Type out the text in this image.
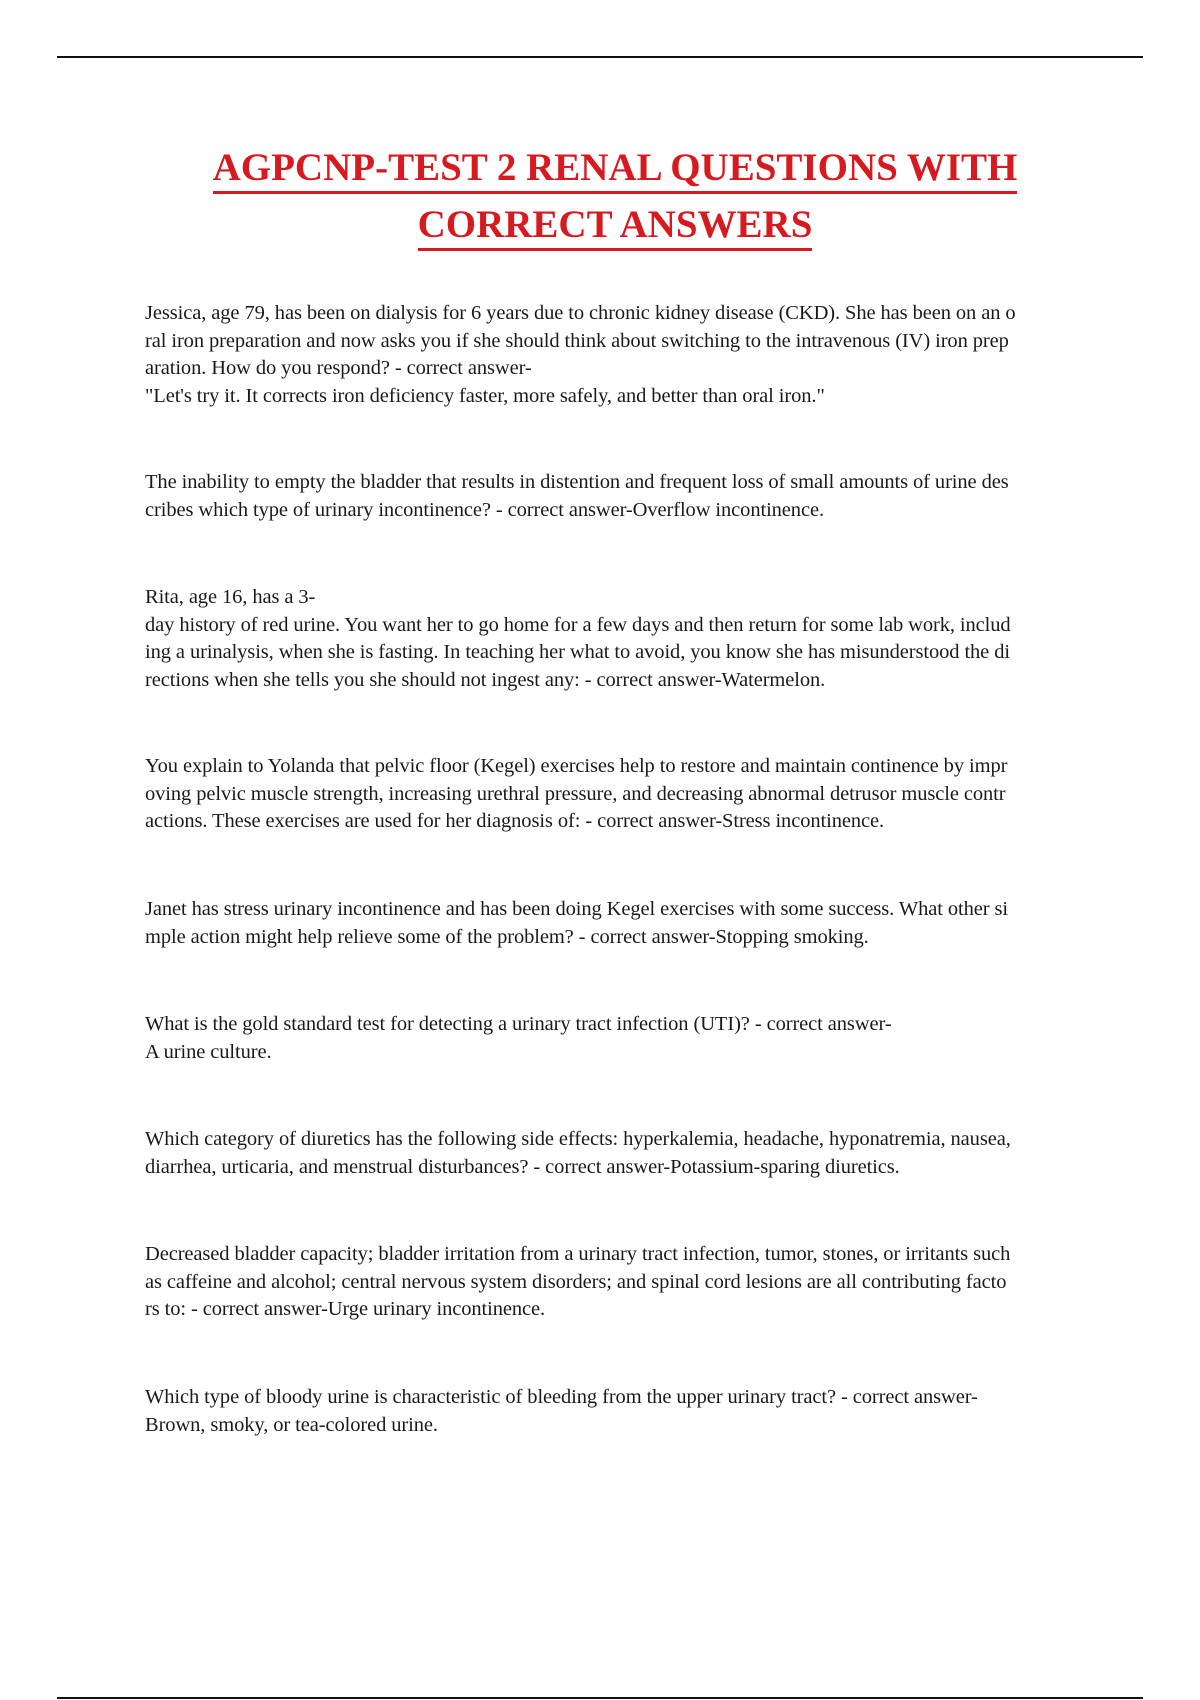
AGPCNP-TEST 2 RENAL QUESTIONS WITH
CORRECT ANSWERS
Jessica, age 79, has been on dialysis for 6 years due to chronic kidney disease (CKD). She has been on an o
ral iron preparation and now asks you if she should think about switching to the intravenous (IV) iron prep
aration. How do you respond? - correct answer-
"Let's try it. It corrects iron deficiency faster, more safely, and better than oral iron."
The inability to empty the bladder that results in distention and frequent loss of small amounts of urine des
cribes which type of urinary incontinence? - correct answer-Overflow incontinence.
Rita, age 16, has a 3-
day history of red urine. You want her to go home for a few days and then return for some lab work, includ
ing a urinalysis, when she is fasting. In teaching her what to avoid, you know she has misunderstood the di
rections when she tells you she should not ingest any: - correct answer-Watermelon.
You explain to Yolanda that pelvic floor (Kegel) exercises help to restore and maintain continence by impr
oving pelvic muscle strength, increasing urethral pressure, and decreasing abnormal detrusor muscle contr
actions. These exercises are used for her diagnosis of: - correct answer-Stress incontinence.
Janet has stress urinary incontinence and has been doing Kegel exercises with some success. What other si
mple action might help relieve some of the problem? - correct answer-Stopping smoking.
What is the gold standard test for detecting a urinary tract infection (UTI)? - correct answer-
A urine culture.
Which category of diuretics has the following side effects: hyperkalemia, headache, hyponatremia, nausea,
diarrhea, urticaria, and menstrual disturbances? - correct answer-Potassium-sparing diuretics.
Decreased bladder capacity; bladder irritation from a urinary tract infection, tumor, stones, or irritants such
as caffeine and alcohol; central nervous system disorders; and spinal cord lesions are all contributing facto
rs to: - correct answer-Urge urinary incontinence.
Which type of bloody urine is characteristic of bleeding from the upper urinary tract? - correct answer-
Brown, smoky, or tea-colored urine.
